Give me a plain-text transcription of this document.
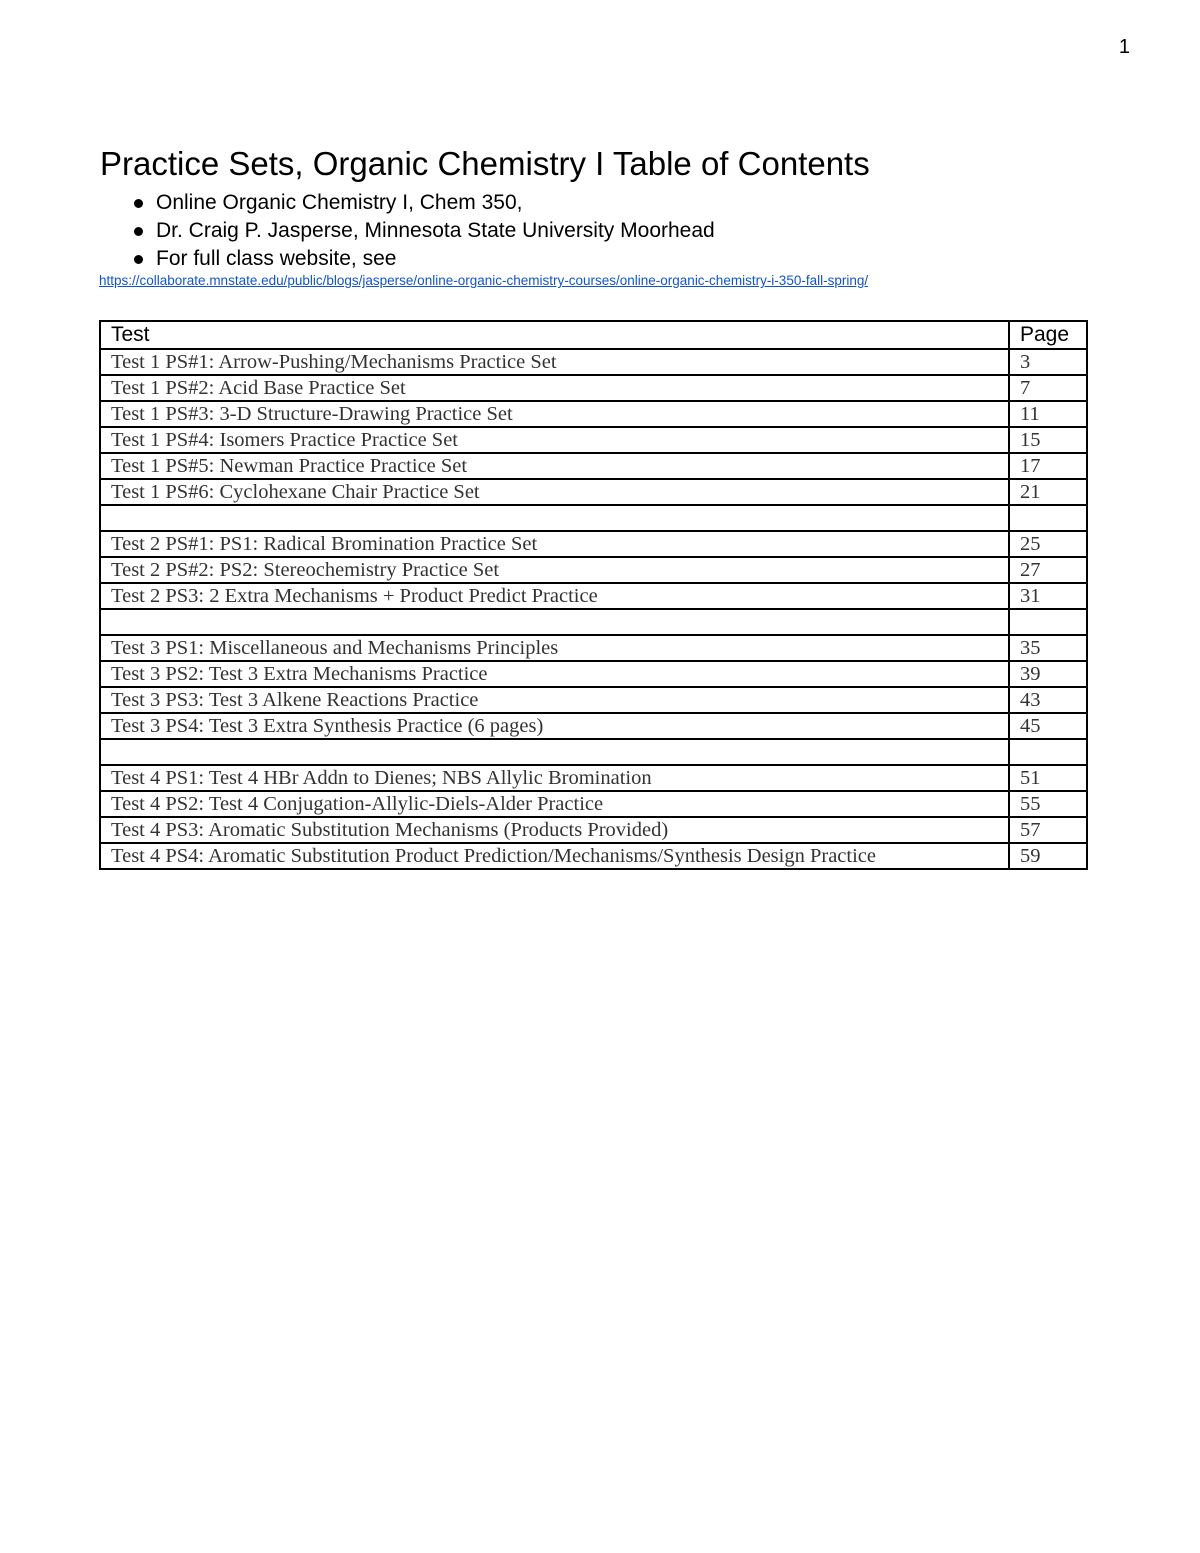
1
Practice Sets, Organic Chemistry I Table of Contents
Online Organic Chemistry I, Chem 350,
Dr. Craig P. Jasperse, Minnesota State University Moorhead
For full class website, see
https://collaborate.mnstate.edu/public/blogs/jasperse/online-organic-chemistry-courses/online-organic-chemistry-i-350-fall-spring/
Test	Page
Test 1 PS#1: Arrow-Pushing/Mechanisms Practice Set	3
Test 1 PS#2: Acid Base Practice Set	7
Test 1 PS#3: 3-D Structure-Drawing Practice Set	11
Test 1 PS#4: Isomers Practice Practice Set	15
Test 1 PS#5: Newman Practice Practice Set	17
Test 1 PS#6: Cyclohexane Chair Practice Set	21

Test 2 PS#1: PS1: Radical Bromination Practice Set	25
Test 2 PS#2: PS2: Stereochemistry Practice Set	27
Test 2 PS3: 2 Extra Mechanisms + Product Predict Practice	31

Test 3 PS1: Miscellaneous and Mechanisms Principles	35
Test 3 PS2: Test 3 Extra Mechanisms Practice	39
Test 3 PS3: Test 3 Alkene Reactions Practice	43
Test 3 PS4: Test 3 Extra Synthesis Practice (6 pages)	45

Test 4 PS1: Test 4 HBr Addn to Dienes; NBS Allylic Bromination	51
Test 4 PS2: Test 4 Conjugation-Allylic-Diels-Alder Practice	55
Test 4 PS3: Aromatic Substitution Mechanisms (Products Provided)	57
Test 4 PS4: Aromatic Substitution Product Prediction/Mechanisms/Synthesis Design Practice	59
